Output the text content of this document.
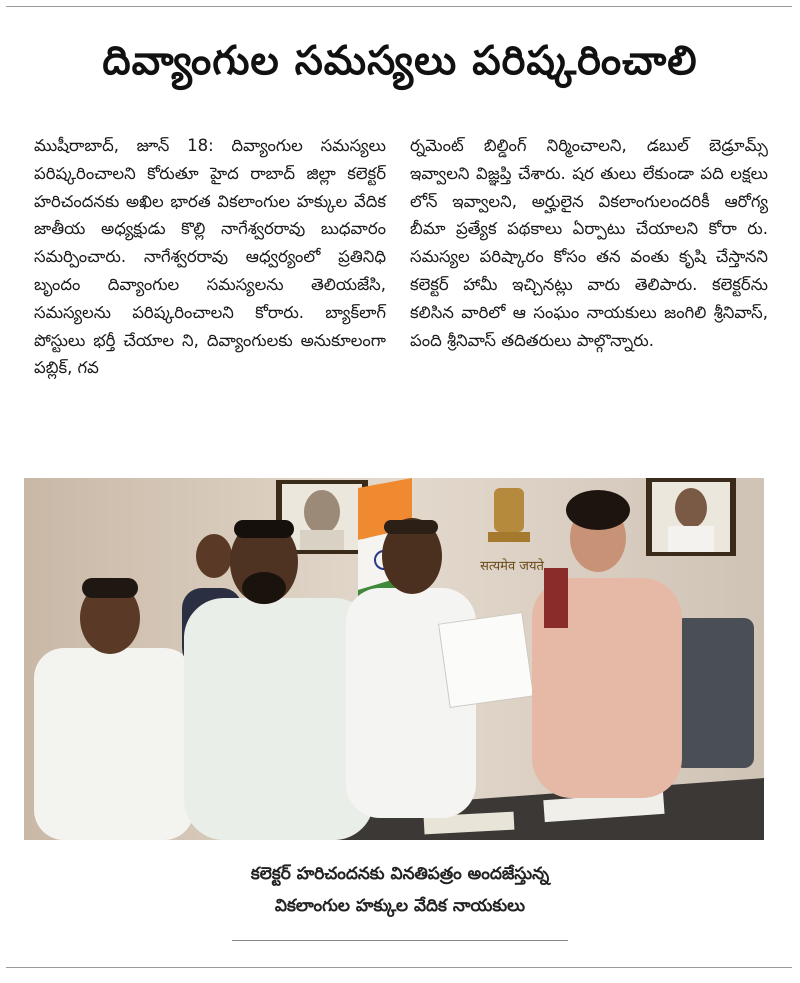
దివ్యాంగుల సమస్యలు పరిష్కరించాలి
ముషీరాబాద్, జూన్ 18: దివ్యాంగుల సమస్యలు పరిష్కరించాలని కోరుతూ హైద రాబాద్ జిల్లా కలెక్టర్ హరిచందనకు అఖిల భారత వికలాంగుల హక్కుల వేదిక జాతీయ అధ్యక్షుడు కొల్లి నాగేశ్వరరావు బుధవారం సమర్పించారు. నాగేశ్వరరావు ఆధ్వర్యంలో ప్రతినిధి బృందం దివ్యాంగుల సమస్యలను తెలియజేసి, సమస్యలను పరిష్కరించాలని కోరారు. బ్యాక్‌లాగ్ పోస్టులు భర్తీ చేయాల ని, దివ్యాంగులకు అనుకూలంగా పబ్లిక్, గవ
ర్నమెంట్ బిల్డింగ్ నిర్మించాలని, డబుల్ బెడ్రూమ్స్ ఇవ్వాలని విజ్ఞప్తి చేశారు. షర తులు లేకుండా పది లక్షలు లోన్ ఇవ్వాలని, అర్హులైన వికలాంగులందరికీ ఆరోగ్య బీమా ప్రత్యేక పథకాలు ఏర్పాటు చేయాలని కోరా రు. సమస్యల పరిష్కారం కోసం తన వంతు కృషి చేస్తానని కలెక్టర్ హామీ ఇచ్చినట్లు వారు తెలిపారు. కలెక్టర్‌ను కలిసిన వారిలో ఆ సంఘం నాయకులు జంగిలి శ్రీనివాస్, పంది శ్రీనివాస్ తదితరులు పాల్గొన్నారు.
सत्यमेव जयते
కలెక్టర్ హరిచందనకు వినతిపత్రం అందజేస్తున్న
వికలాంగుల హక్కుల వేదిక నాయకులు
